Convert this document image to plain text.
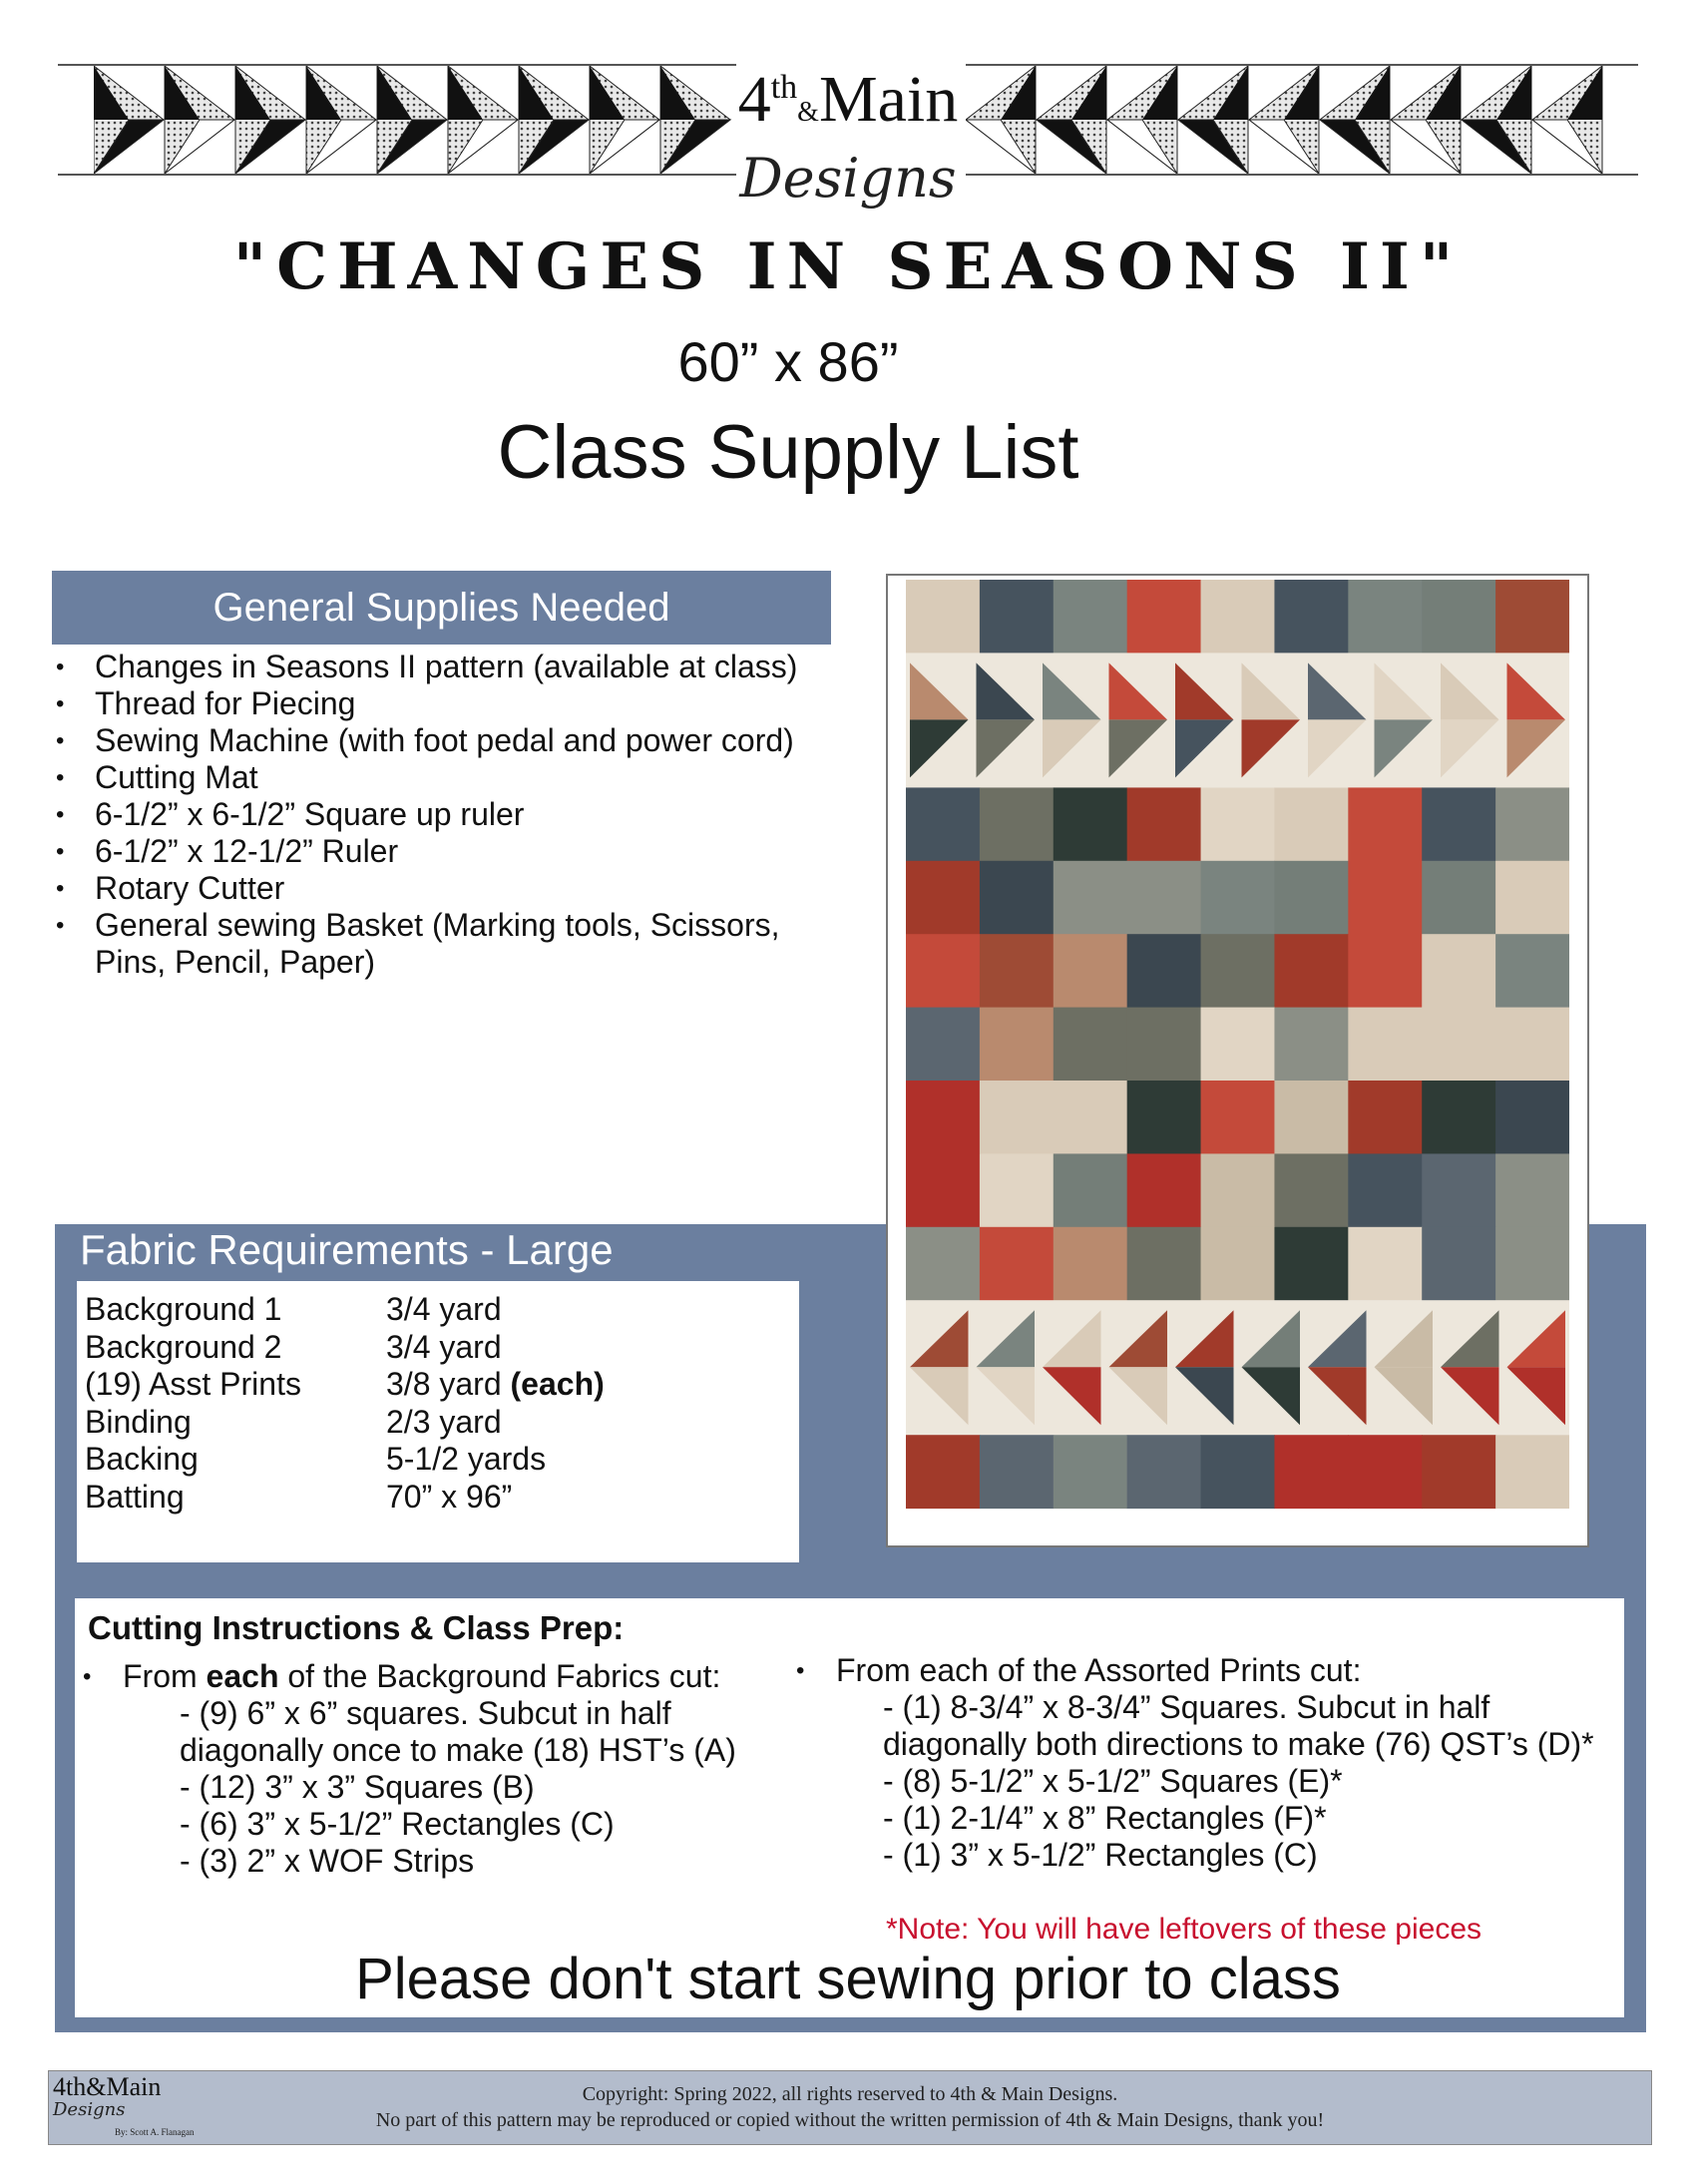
4th&Main
Designs
"CHANGES IN SEASONS II"
60” x 86”
Class Supply List
General Supplies Needed
• Changes in Seasons II pattern (available at class)
• Thread for Piecing
• Sewing Machine (with foot pedal and power cord)
• Cutting Mat
• 6-1/2” x 6-1/2” Square up ruler
• 6-1/2” x 12-1/2” Ruler
• Rotary Cutter
• General sewing Basket (Marking tools, Scissors, Pins, Pencil, Paper)
Fabric Requirements - Large
Background 1	3/4 yard
Background 2	3/4 yard
(19) Asst Prints	3/8 yard (each)
Binding	2/3 yard
Backing	5-1/2 yards
Batting	70” x 96”
Cutting Instructions & Class Prep:
• From each of the Background Fabrics cut:
- (9) 6” x 6” squares. Subcut in half
diagonally once to make (18) HST’s (A)
- (12) 3” x 3” Squares (B)
- (6) 3” x 5-1/2” Rectangles (C)
- (3) 2” x WOF Strips
• From each of the Assorted Prints cut:
- (1) 8-3/4” x 8-3/4” Squares. Subcut in half
diagonally both directions to make (76) QST’s (D)*
- (8) 5-1/2” x 5-1/2” Squares (E)*
- (1) 2-1/4” x 8” Rectangles (F)*
- (1) 3” x 5-1/2” Rectangles (C)
*Note: You will have leftovers of these pieces
Please don't start sewing prior to class
4th&Main
Designs
By: Scott A. Flanagan
Copyright: Spring 2022, all rights reserved to 4th & Main Designs.
No part of this pattern may be reproduced or copied without the written permission of 4th & Main Designs, thank you!
